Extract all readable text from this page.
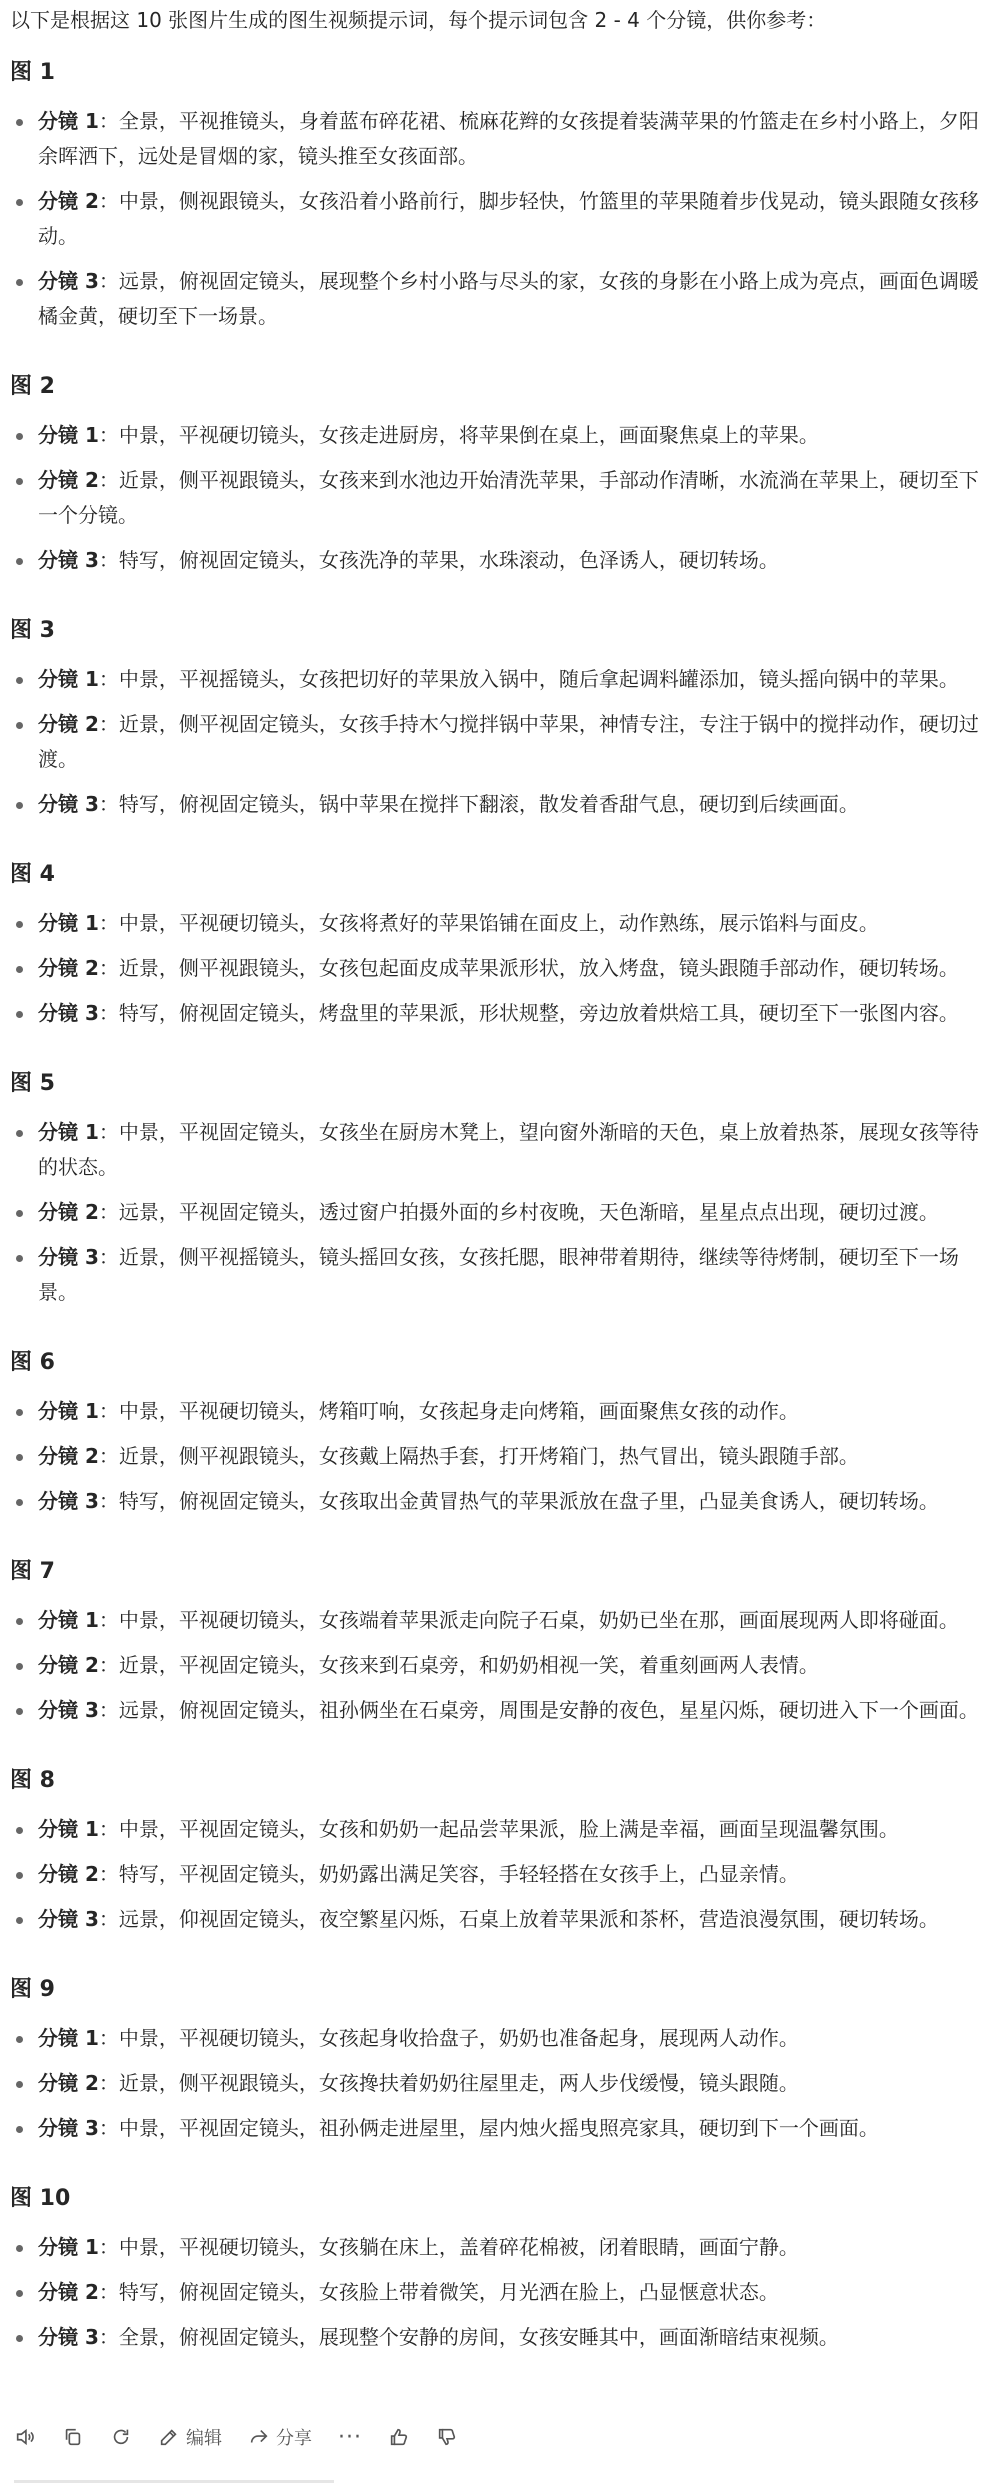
以下是根据这 10 张图片生成的图生视频提示词，每个提示词包含 2 - 4 个分镜，供你参考：

图 1
分镜 1：全景，平视推镜头，身着蓝布碎花裙、梳麻花辫的女孩提着装满苹果的竹篮走在乡村小路上，夕阳余晖洒下，远处是冒烟的家，镜头推至女孩面部。
分镜 2：中景，侧视跟镜头，女孩沿着小路前行，脚步轻快，竹篮里的苹果随着步伐晃动，镜头跟随女孩移动。
分镜 3：远景，俯视固定镜头，展现整个乡村小路与尽头的家，女孩的身影在小路上成为亮点，画面色调暖橘金黄，硬切至下一场景。
图 2
分镜 1：中景，平视硬切镜头，女孩走进厨房，将苹果倒在桌上，画面聚焦桌上的苹果。
分镜 2：近景，侧平视跟镜头，女孩来到水池边开始清洗苹果，手部动作清晰，水流淌在苹果上，硬切至下一个分镜。
分镜 3：特写，俯视固定镜头，女孩洗净的苹果，水珠滚动，色泽诱人，硬切转场。
图 3
分镜 1：中景，平视摇镜头，女孩把切好的苹果放入锅中，随后拿起调料罐添加，镜头摇向锅中的苹果。
分镜 2：近景，侧平视固定镜头，女孩手持木勺搅拌锅中苹果，神情专注，专注于锅中的搅拌动作，硬切过渡。
分镜 3：特写，俯视固定镜头，锅中苹果在搅拌下翻滚，散发着香甜气息，硬切到后续画面。
图 4
分镜 1：中景，平视硬切镜头，女孩将煮好的苹果馅铺在面皮上，动作熟练，展示馅料与面皮。
分镜 2：近景，侧平视跟镜头，女孩包起面皮成苹果派形状，放入烤盘，镜头跟随手部动作，硬切转场。
分镜 3：特写，俯视固定镜头，烤盘里的苹果派，形状规整，旁边放着烘焙工具，硬切至下一张图内容。
图 5
分镜 1：中景，平视固定镜头，女孩坐在厨房木凳上，望向窗外渐暗的天色，桌上放着热茶，展现女孩等待的状态。
分镜 2：远景，平视固定镜头，透过窗户拍摄外面的乡村夜晚，天色渐暗，星星点点出现，硬切过渡。
分镜 3：近景，侧平视摇镜头，镜头摇回女孩，女孩托腮，眼神带着期待，继续等待烤制，硬切至下一场景。
图 6
分镜 1：中景，平视硬切镜头，烤箱叮响，女孩起身走向烤箱，画面聚焦女孩的动作。
分镜 2：近景，侧平视跟镜头，女孩戴上隔热手套，打开烤箱门，热气冒出，镜头跟随手部。
分镜 3：特写，俯视固定镜头，女孩取出金黄冒热气的苹果派放在盘子里，凸显美食诱人，硬切转场。
图 7
分镜 1：中景，平视硬切镜头，女孩端着苹果派走向院子石桌，奶奶已坐在那，画面展现两人即将碰面。
分镜 2：近景，平视固定镜头，女孩来到石桌旁，和奶奶相视一笑，着重刻画两人表情。
分镜 3：远景，俯视固定镜头，祖孙俩坐在石桌旁，周围是安静的夜色，星星闪烁，硬切进入下一个画面。
图 8
分镜 1：中景，平视固定镜头，女孩和奶奶一起品尝苹果派，脸上满是幸福，画面呈现温馨氛围。
分镜 2：特写，平视固定镜头，奶奶露出满足笑容，手轻轻搭在女孩手上，凸显亲情。
分镜 3：远景，仰视固定镜头，夜空繁星闪烁，石桌上放着苹果派和茶杯，营造浪漫氛围，硬切转场。
图 9
分镜 1：中景，平视硬切镜头，女孩起身收拾盘子，奶奶也准备起身，展现两人动作。
分镜 2：近景，侧平视跟镜头，女孩搀扶着奶奶往屋里走，两人步伐缓慢，镜头跟随。
分镜 3：中景，平视固定镜头，祖孙俩走进屋里，屋内烛火摇曳照亮家具，硬切到下一个画面。
图 10
分镜 1：中景，平视硬切镜头，女孩躺在床上，盖着碎花棉被，闭着眼睛，画面宁静。
分镜 2：特写，俯视固定镜头，女孩脸上带着微笑，月光洒在脸上，凸显惬意状态。
分镜 3：全景，俯视固定镜头，展现整个安静的房间，女孩安睡其中，画面渐暗结束视频。
编辑	分享 ···
